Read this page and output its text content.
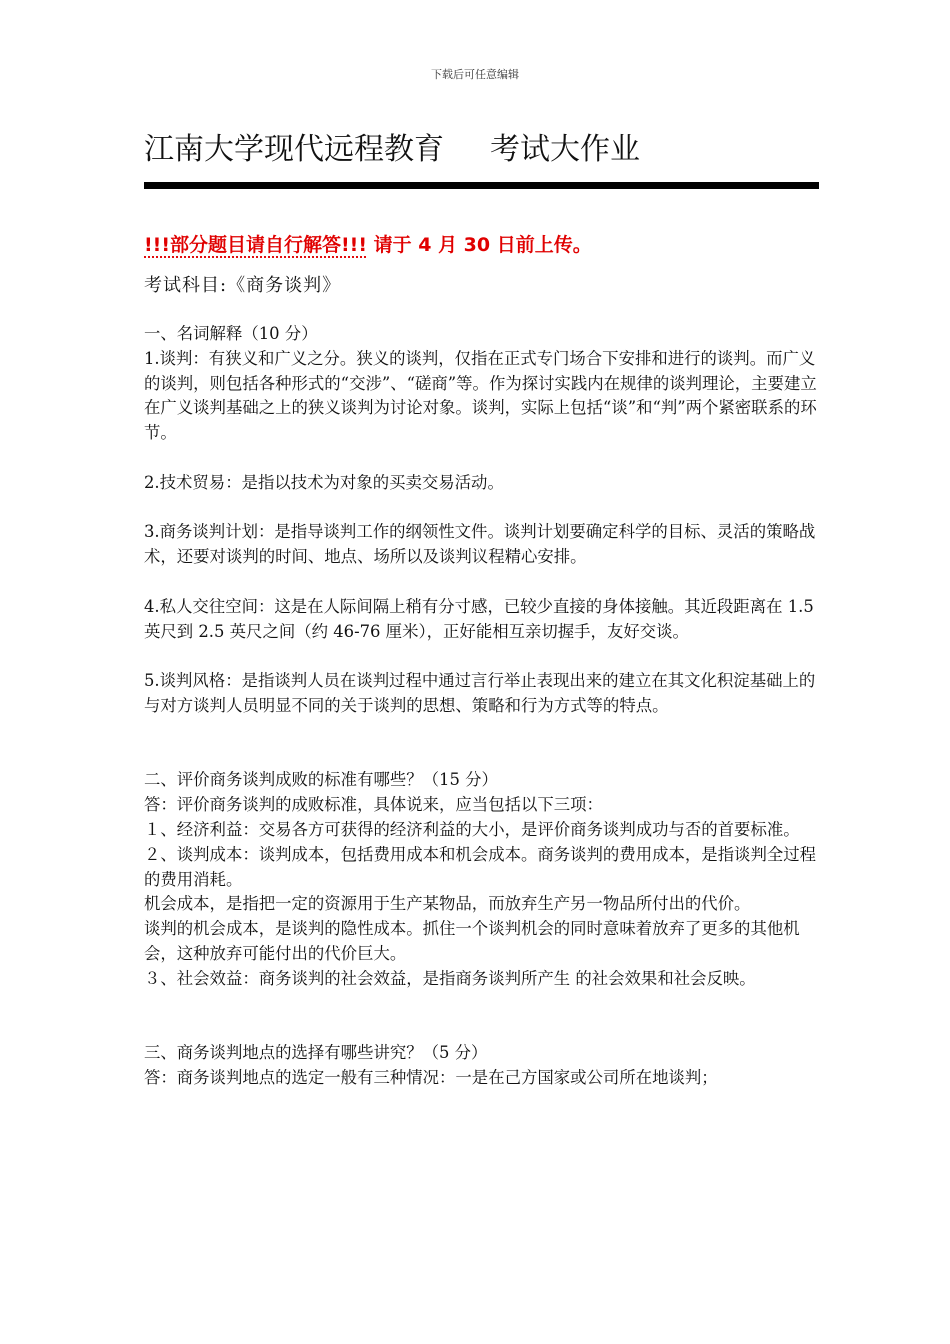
下载后可任意编辑
江南大学现代远程教育 考试大作业
!!!部分题目请自行解答!!! 请于 4 月 30 日前上传。
考试科目:《商务谈判》

一、名词解释（10 分）

1.谈判：有狭义和广义之分。狭义的谈判，仅指在正式专门场合下安排和进行的谈判。而广义的谈判，则包括各种形式的“交涉”、“磋商”等。作为探讨实践内在规律的谈判理论，主要建立在广义谈判基础之上的狭义谈判为讨论对象。谈判，实际上包括“谈”和“判”两个紧密联系的环节。

2.技术贸易：是指以技术为对象的买卖交易活动。

3.商务谈判计划：是指导谈判工作的纲领性文件。谈判计划要确定科学的目标、灵活的策略战术，还要对谈判的时间、地点、场所以及谈判议程精心安排。

4.私人交往空间：这是在人际间隔上稍有分寸感，已较少直接的身体接触。其近段距离在 1.5 英尺到 2.5 英尺之间（约 46-76 厘米），正好能相互亲切握手，友好交谈。

5.谈判风格：是指谈判人员在谈判过程中通过言行举止表现出来的建立在其文化积淀基础上的与对方谈判人员明显不同的关于谈判的思想、策略和行为方式等的特点。

二、评价商务谈判成败的标准有哪些？（15 分）

答：评价商务谈判的成败标准，具体说来，应当包括以下三项：

１、经济利益：交易各方可获得的经济利益的大小，是评价商务谈判成功与否的首要标准。

２、谈判成本：谈判成本，包括费用成本和机会成本。商务谈判的费用成本，是指谈判全过程的费用消耗。

机会成本，是指把一定的资源用于生产某物品，而放弃生产另一物品所付出的代价。

谈判的机会成本，是谈判的隐性成本。抓住一个谈判机会的同时意味着放弃了更多的其他机会，这种放弃可能付出的代价巨大。

３、社会效益：商务谈判的社会效益，是指商务谈判所产生 的社会效果和社会反映。

三、商务谈判地点的选择有哪些讲究？（5 分）

答：商务谈判地点的选定一般有三种情况：一是在己方国家或公司所在地谈判；
